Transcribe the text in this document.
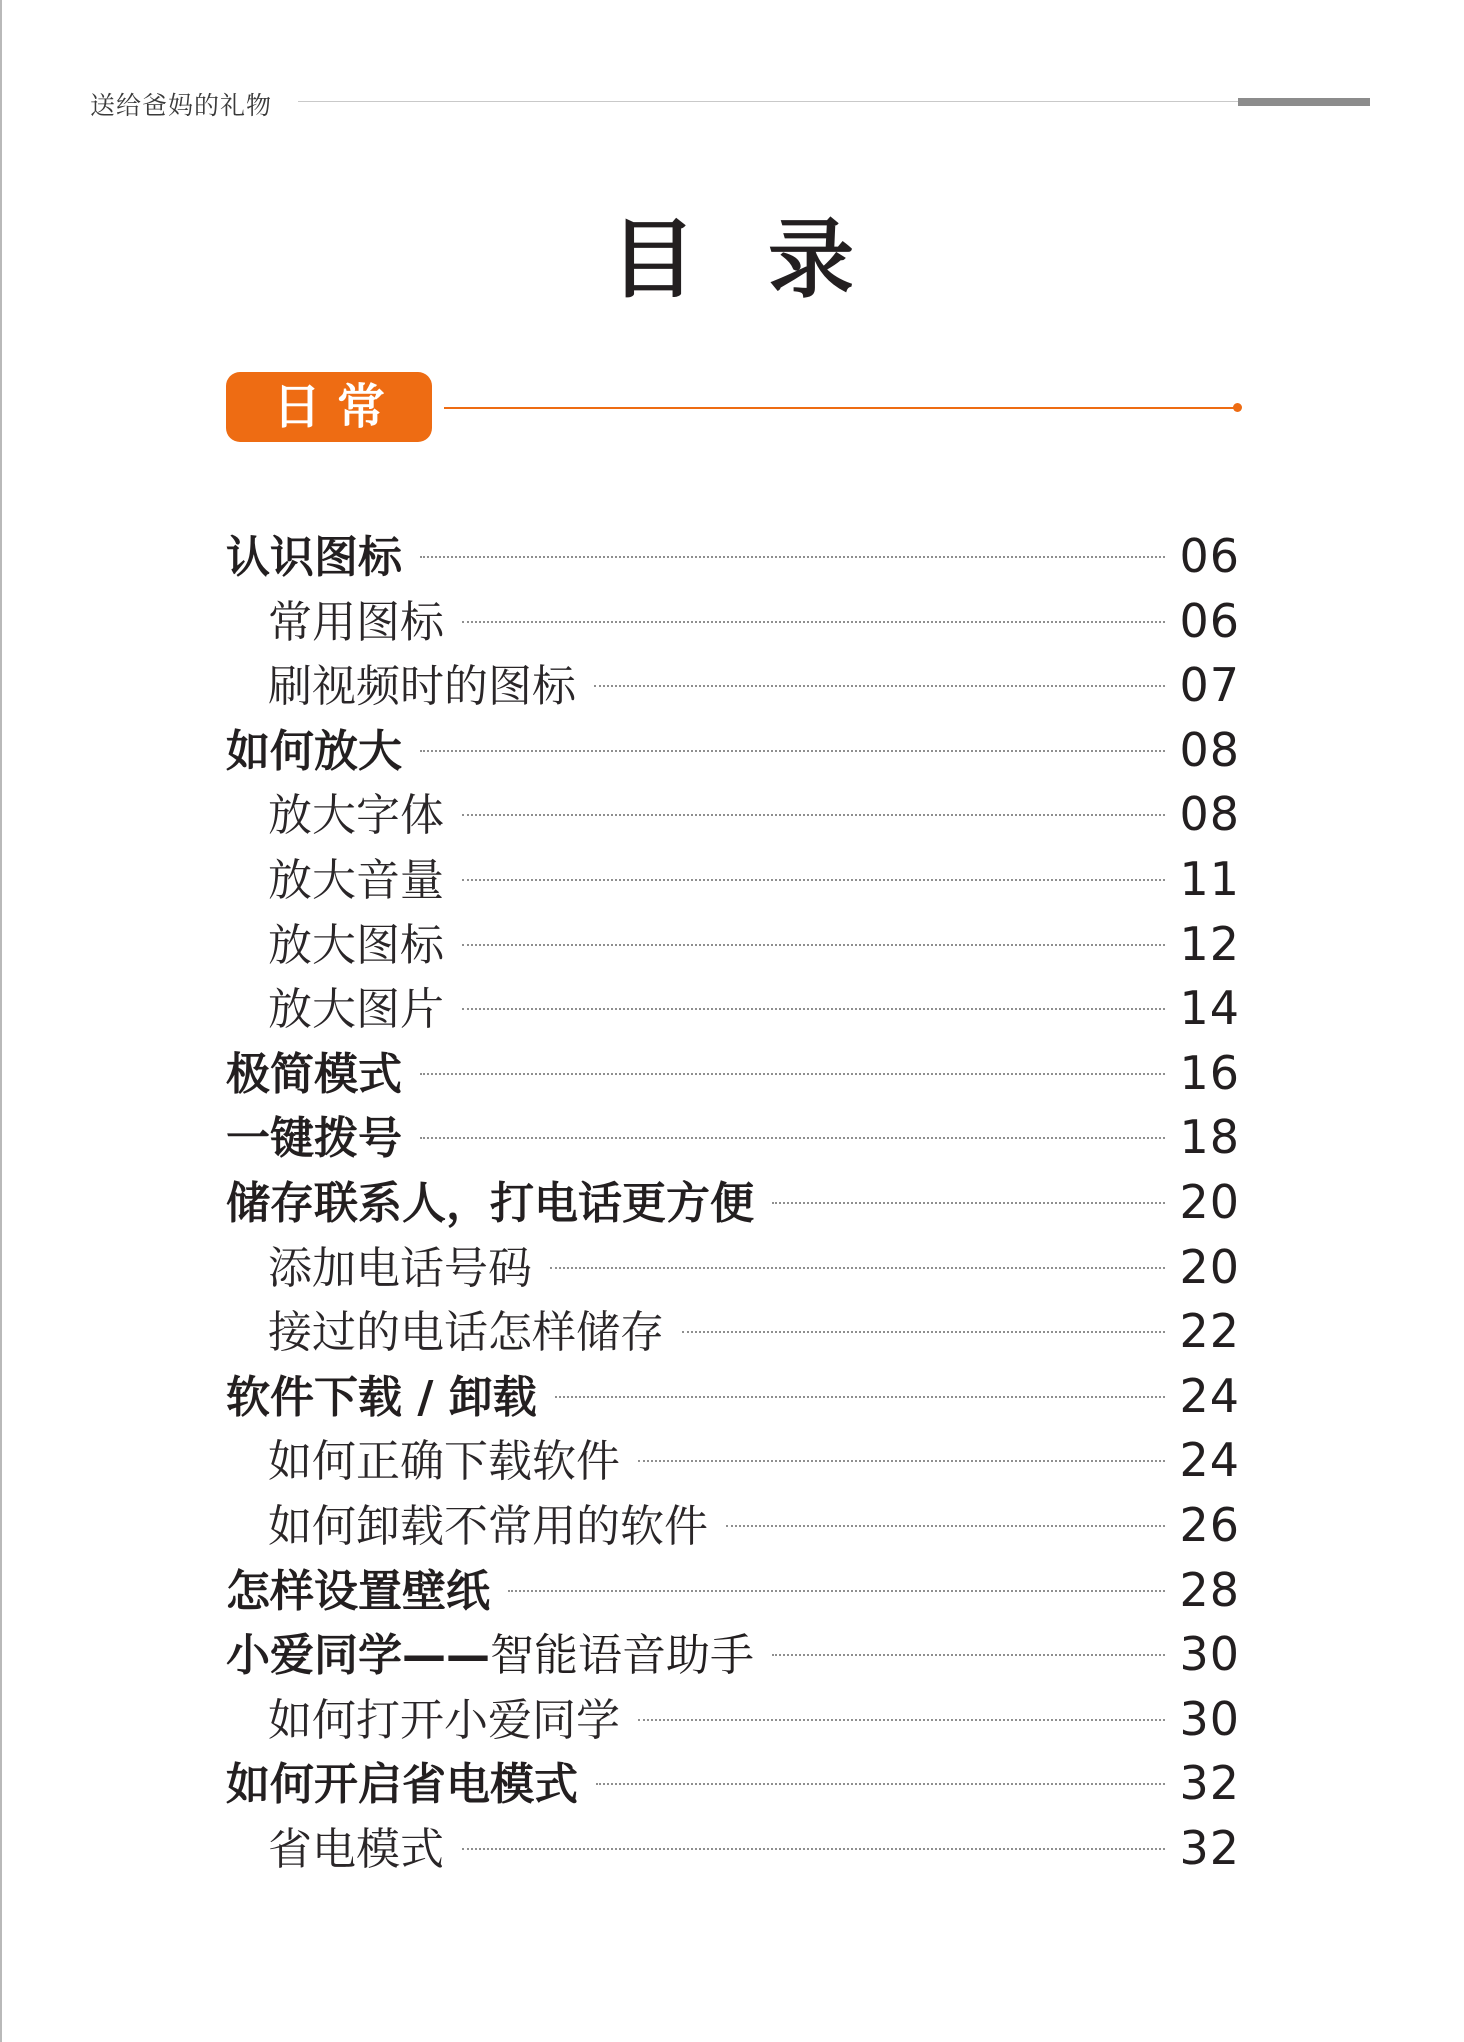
送给爸妈的礼物
目录
日常篇
认识图标	06
常用图标	06
刷视频时的图标	07
如何放大	08
放大字体	08
放大音量	11
放大图标	12
放大图片	14
极简模式	16
一键拨号	18
储存联系人，打电话更方便	20
添加电话号码	20
接过的电话怎样储存	22
软件下载 / 卸载	24
如何正确下载软件	24
如何卸载不常用的软件	26
怎样设置壁纸	28
小爱同学——智能语音助手	30
如何打开小爱同学	30
如何开启省电模式	32
省电模式	32
